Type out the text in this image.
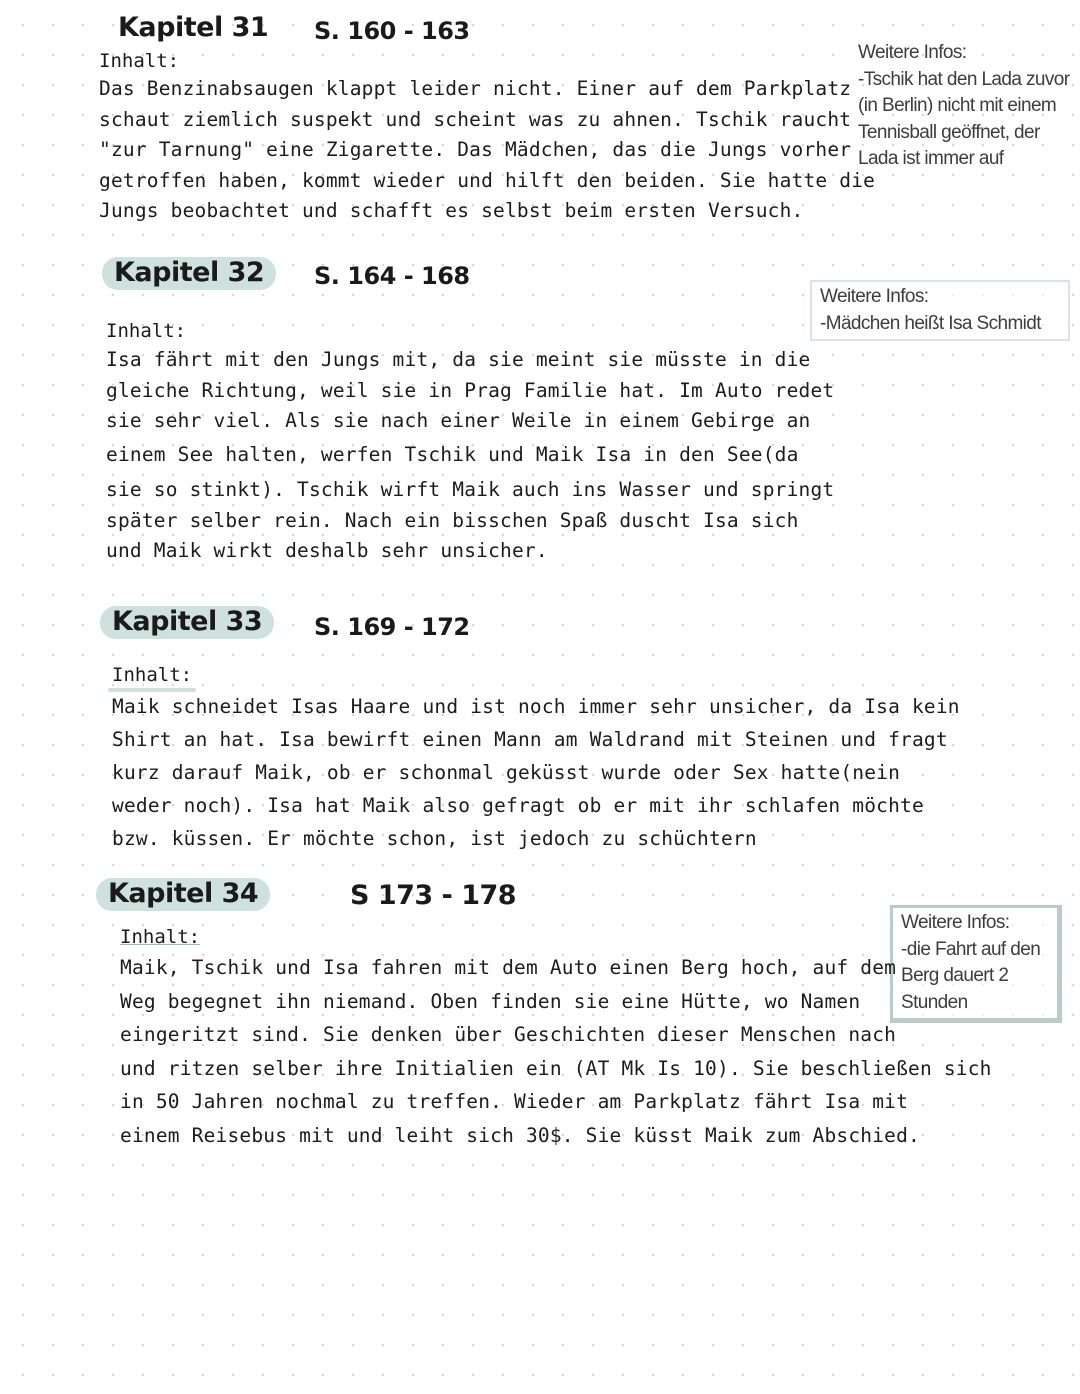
Kapitel 31 S. 160 - 163
Inhalt:
Das Benzinabsaugen klappt leider nicht. Einer auf dem Parkplatz
schaut ziemlich suspekt und scheint was zu ahnen. Tschik raucht
"zur Tarnung" eine Zigarette. Das Mädchen, das die Jungs vorher
getroffen haben, kommt wieder und hilft den beiden. Sie hatte die
Jungs beobachtet und schafft es selbst beim ersten Versuch.
Weitere Infos:
-Tschik hat den Lada zuvor
(in Berlin) nicht mit einem
Tennisball geöffnet, der
Lada ist immer auf
Kapitel 32	S. 164 - 168
Weitere Infos:
-Mädchen heißt Isa Schmidt
Inhalt:
Isa fährt mit den Jungs mit, da sie meint sie müsste in die
gleiche Richtung, weil sie in Prag Familie hat. Im Auto redet
sie sehr viel. Als sie nach einer Weile in einem Gebirge an
einem See halten, werfen Tschik und Maik Isa in den See(da
sie so stinkt). Tschik wirft Maik auch ins Wasser und springt
später selber rein. Nach ein bisschen Spaß duscht Isa sich
und Maik wirkt deshalb sehr unsicher.
Kapitel 33	S. 169 - 172
Inhalt:
Maik schneidet Isas Haare und ist noch immer sehr unsicher, da Isa kein
Shirt an hat. Isa bewirft einen Mann am Waldrand mit Steinen und fragt
kurz darauf Maik, ob er schonmal geküsst wurde oder Sex hatte(nein
weder noch). Isa hat Maik also gefragt ob er mit ihr schlafen möchte
bzw. küssen. Er möchte schon, ist jedoch zu schüchtern
Kapitel 34	S 173 - 178
Weitere Infos:
-die Fahrt auf den
Berg dauert 2
Stunden
Inhalt:
Maik, Tschik und Isa fahren mit dem Auto einen Berg hoch, auf dem
Weg begegnet ihn niemand. Oben finden sie eine Hütte, wo Namen
eingeritzt sind. Sie denken über Geschichten dieser Menschen nach
und ritzen selber ihre Initialien ein (AT Mk Is 10). Sie beschließen sich
in 50 Jahren nochmal zu treffen. Wieder am Parkplatz fährt Isa mit
einem Reisebus mit und leiht sich 30$. Sie küsst Maik zum Abschied.
